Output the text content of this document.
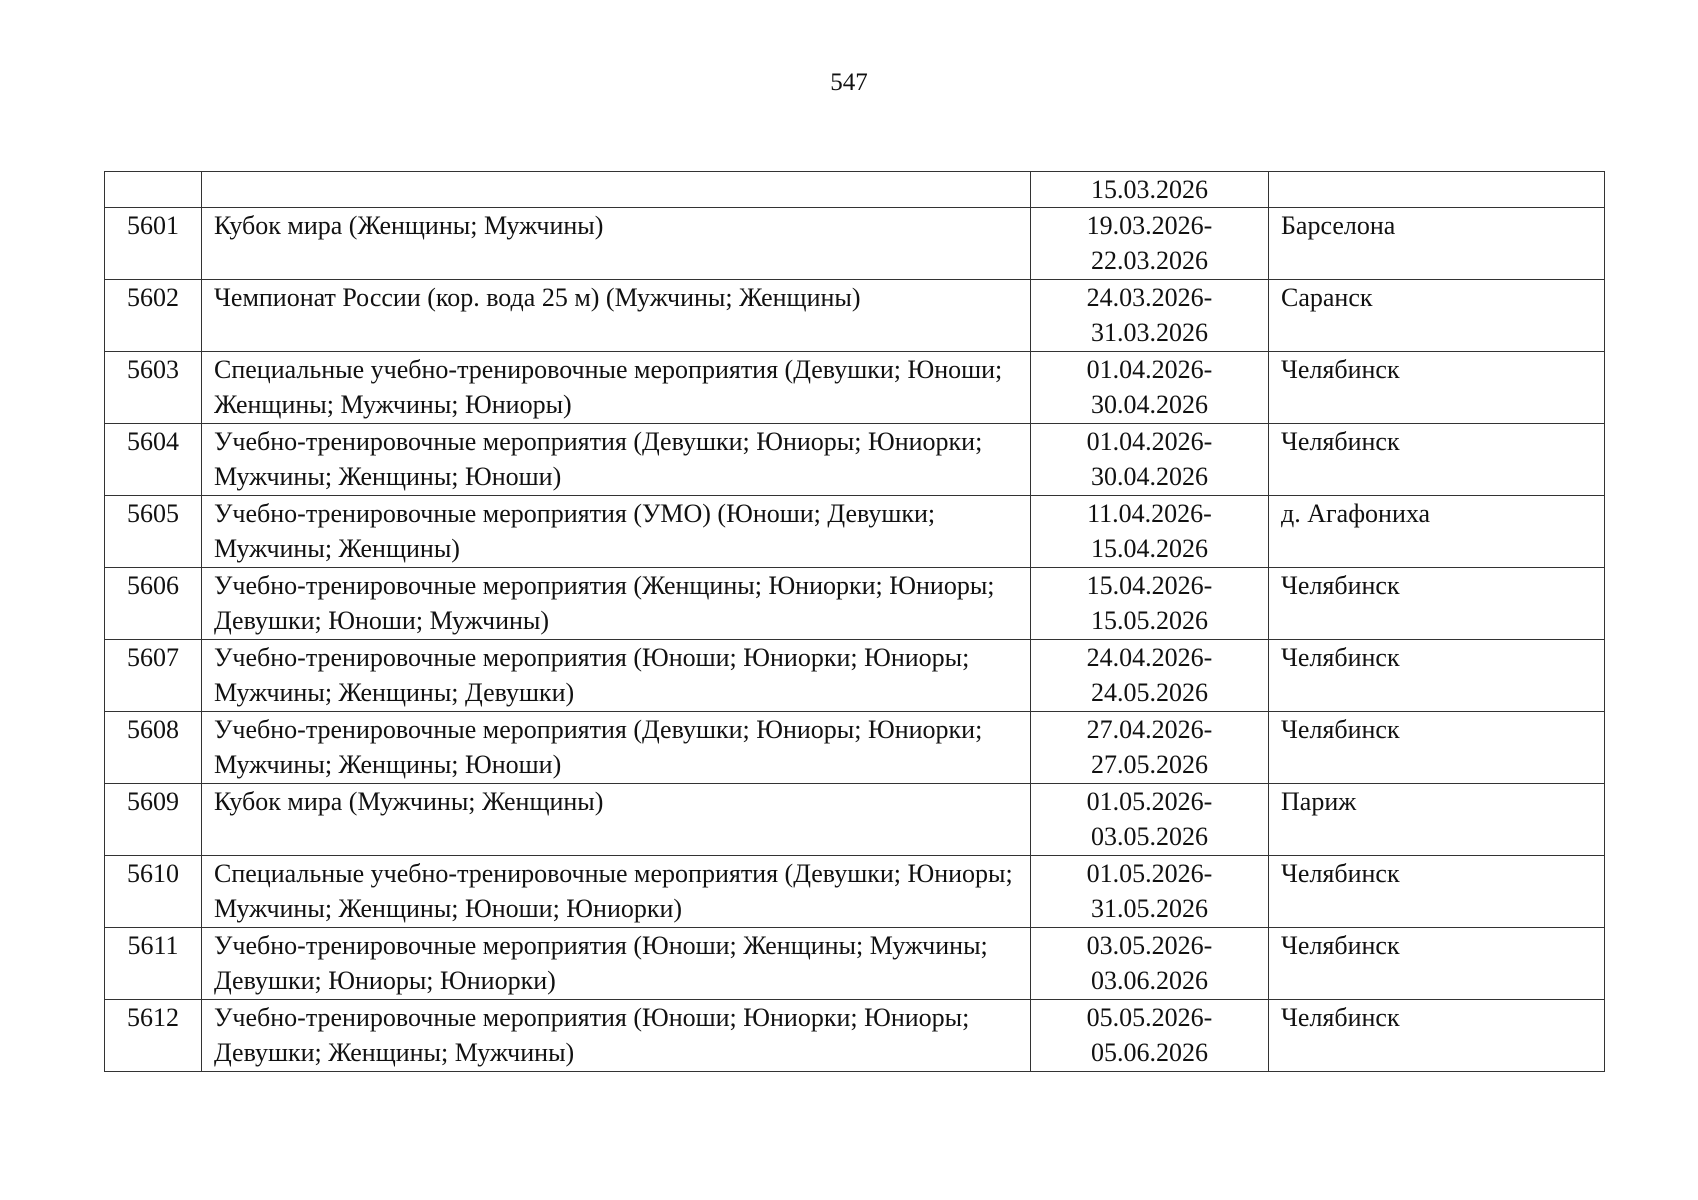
547

		15.03.2026	

5601	Кубок мира (Женщины; Мужчины)	19.03.2026-
22.03.2026	Барселона
5602	Чемпионат России (кор. вода 25 м) (Мужчины; Женщины)	24.03.2026-
31.03.2026	Саранск
5603	Специальные учебно-тренировочные мероприятия (Девушки; Юноши; Женщины; Мужчины; Юниоры)	01.04.2026-
30.04.2026	Челябинск
5604	Учебно-тренировочные мероприятия (Девушки; Юниоры; Юниорки; Мужчины; Женщины; Юноши)	01.04.2026-
30.04.2026	Челябинск
5605	Учебно-тренировочные мероприятия (УМО) (Юноши; Девушки; Мужчины; Женщины)	11.04.2026-
15.04.2026	д. Агафониха
5606	Учебно-тренировочные мероприятия (Женщины; Юниорки; Юниоры; Девушки; Юноши; Мужчины)	15.04.2026-
15.05.2026	Челябинск
5607	Учебно-тренировочные мероприятия (Юноши; Юниорки; Юниоры; Мужчины; Женщины; Девушки)	24.04.2026-
24.05.2026	Челябинск
5608	Учебно-тренировочные мероприятия (Девушки; Юниоры; Юниорки; Мужчины; Женщины; Юноши)	27.04.2026-
27.05.2026	Челябинск
5609	Кубок мира (Мужчины; Женщины)	01.05.2026-
03.05.2026	Париж
5610	Специальные учебно-тренировочные мероприятия (Девушки; Юниоры; Мужчины; Женщины; Юноши; Юниорки)	01.05.2026-
31.05.2026	Челябинск
5611	Учебно-тренировочные мероприятия (Юноши; Женщины; Мужчины; Девушки; Юниоры; Юниорки)	03.05.2026-
03.06.2026	Челябинск
5612	Учебно-тренировочные мероприятия (Юноши; Юниорки; Юниоры; Девушки; Женщины; Мужчины)	05.05.2026-
05.06.2026	Челябинск
